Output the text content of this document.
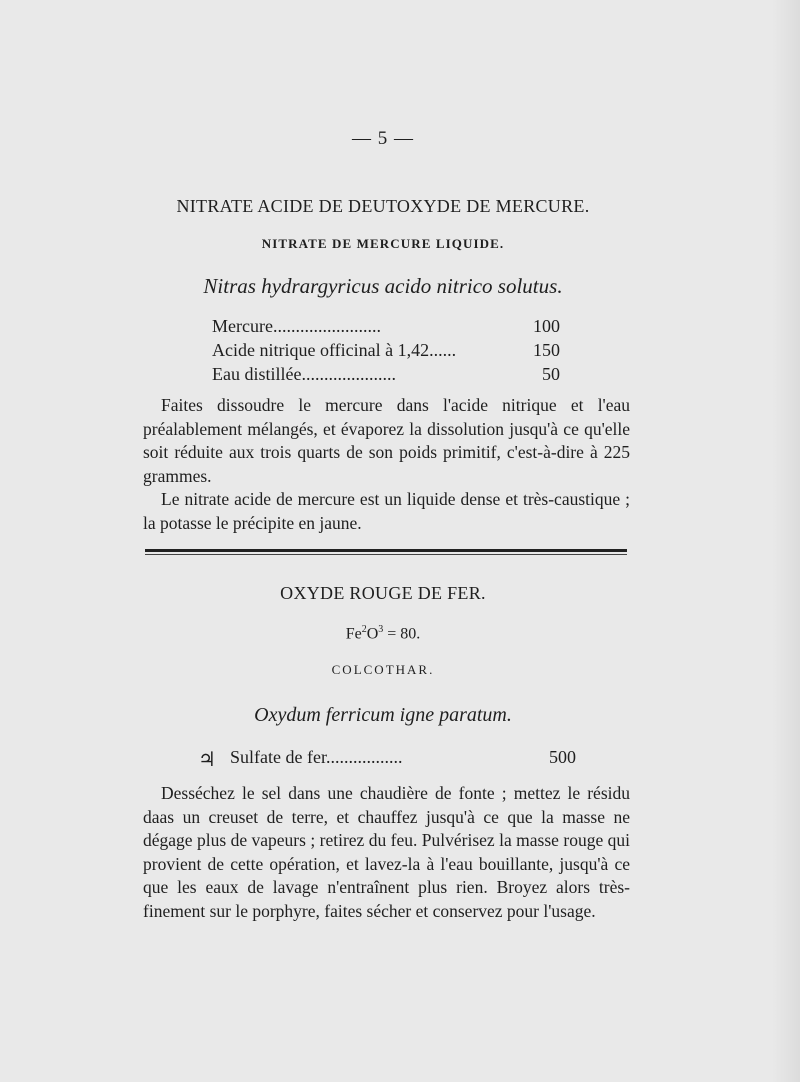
— 5 —
NITRATE ACIDE DE DEUTOXYDE DE MERCURE.
NITRATE DE MERCURE LIQUIDE.
Nitras hydrargyricus acido nitrico solutus.
Mercure........................	100
Acide nitrique officinal à 1,42......	150
Eau distillée.....................	50

Faites dissoudre le mercure dans l'acide nitrique et l'eau préalablement mélangés, et évaporez la dissolution jusqu'à ce qu'elle soit réduite aux trois quarts de son poids primitif, c'est-à-dire à 225 grammes.

Le nitrate acide de mercure est un liquide dense et très-caustique ; la potasse le précipite en jaune.

OXYDE ROUGE DE FER.
$Fe^2O^3 = 80$.
COLCOTHAR.
Oxydum ferricum igne paratum.
♃ Sulfate de fer.................	500

Desséchez le sel dans une chaudière de fonte ; mettez le résidu daas un creuset de terre, et chauffez jusqu'à ce que la masse ne dégage plus de vapeurs ; retirez du feu. Pulvérisez la masse rouge qui provient de cette opération, et lavez-la à l'eau bouillante, jusqu'à ce que les eaux de lavage n'entraînent plus rien. Broyez alors très-finement sur le porphyre, faites sécher et conservez pour l'usage.
